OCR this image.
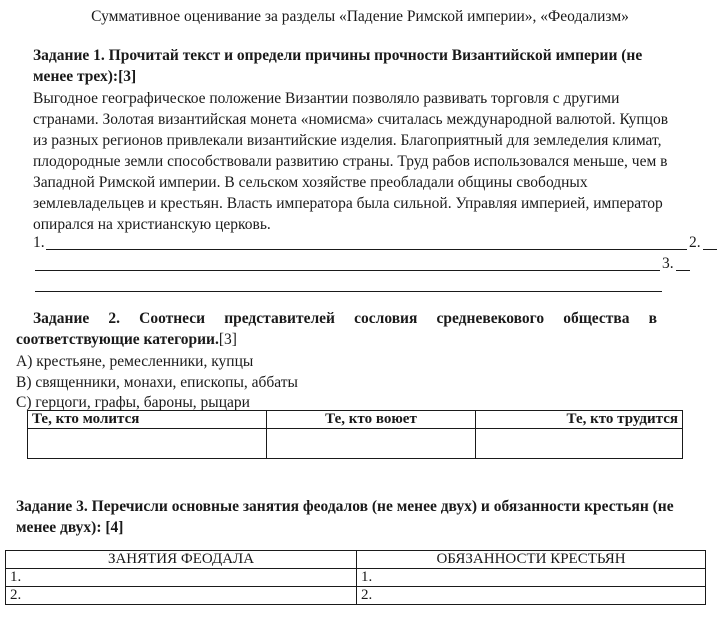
Суммативное оценивание за разделы «Падение Римской империи», «Феодализм»
Задание 1. Прочитай текст и определи причины прочности Византийской империи (не
менее трех):[3]
Выгодное географическое положение Византии позволяло развивать торговля с другими
странами. Золотая византийская монета «номисма» считалась международной валютой. Купцов
из разных регионов привлекали византийские изделия. Благоприятный для земледелия климат,
плодородные земли способствовали развитию страны. Труд рабов использовался меньше, чем в
Западной Римской империи. В сельском хозяйстве преобладали общины свободных
землевладельцев и крестьян. Власть императора была сильной. Управляя империей, император
опирался на христианскую церковь.
1.	2.
3.
Задание 2. Соотнеси представителей сословия средневекового общества в
соответствующие категории.[3]
A) крестьяне, ремесленники, купцы
B) священники, монахи, епископы, аббаты
C) герцоги, графы, бароны, рыцари
Те, кто молится	Те, кто воюет	Те, кто трудится

Задание 3. Перечисли основные занятия феодалов (не менее двух) и обязанности крестьян (не
менее двух): [4]
ЗАНЯТИЯ ФЕОДАЛА	ОБЯЗАННОСТИ КРЕСТЬЯН
1.	1.
2.	2.
